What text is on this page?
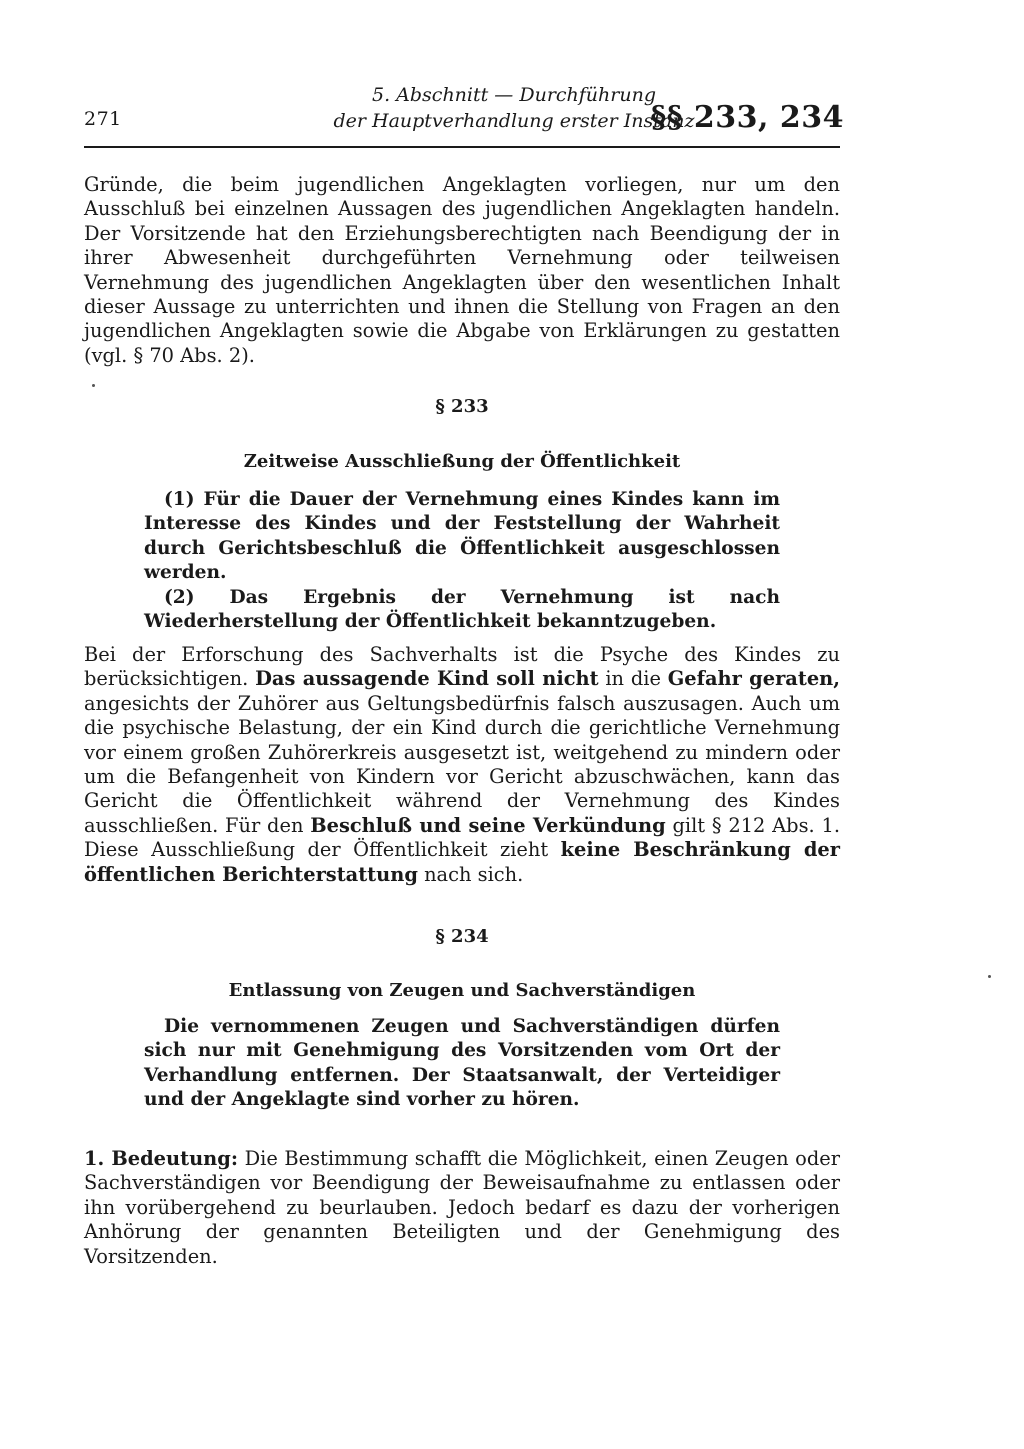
271
5. Abschnitt — Durchführung
der Hauptverhandlung erster Instanz
§§ 233, 234
Gründe, die beim jugendlichen Angeklagten vorliegen, nur um den Ausschluß bei einzelnen Aussagen des jugendlichen Angeklagten handeln. Der Vorsitzende hat den Erziehungsberechtigten nach Beendigung der in ihrer Abwesenheit durchgeführten Vernehmung oder teilweisen Vernehmung des jugendlichen Angeklagten über den wesentlichen Inhalt dieser Aussage zu unterrichten und ihnen die Stellung von Fragen an den jugendlichen Angeklagten sowie die Abgabe von Erklärungen zu gestatten (vgl. § 70 Abs. 2).
§ 233
Zeitweise Ausschließung der Öffentlichkeit

(1) Für die Dauer der Vernehmung eines Kindes kann im Interesse des Kindes und der Feststellung der Wahrheit durch Gerichtsbeschluß die Öffentlichkeit ausgeschlossen werden.

(2) Das Ergebnis der Vernehmung ist nach Wiederherstellung der Öffentlichkeit bekanntzugeben.

Bei der Erforschung des Sachverhalts ist die Psyche des Kindes zu berücksichtigen. Das aussagende Kind soll nicht in die Gefahr geraten, angesichts der Zuhörer aus Geltungsbedürfnis falsch auszusagen. Auch um die psychische Belastung, der ein Kind durch die gerichtliche Vernehmung vor einem großen Zuhörerkreis ausgesetzt ist, weitgehend zu mindern oder um die Befangenheit von Kindern vor Gericht abzuschwächen, kann das Gericht die Öffentlichkeit während der Vernehmung des Kindes ausschließen. Für den Beschluß und seine Verkündung gilt § 212 Abs. 1. Diese Ausschließung der Öffentlichkeit zieht keine Beschränkung der öffentlichen Berichterstattung nach sich.
§ 234
Entlassung von Zeugen und Sachverständigen

Die vernommenen Zeugen und Sachverständigen dürfen sich nur mit Genehmigung des Vorsitzenden vom Ort der Verhandlung entfernen. Der Staatsanwalt, der Verteidiger und der Angeklagte sind vorher zu hören.

1. Bedeutung: Die Bestimmung schafft die Möglichkeit, einen Zeugen oder Sachverständigen vor Beendigung der Beweisaufnahme zu entlassen oder ihn vorübergehend zu beurlauben. Jedoch bedarf es dazu der vorherigen Anhörung der genannten Beteiligten und der Genehmigung des Vorsitzenden.
